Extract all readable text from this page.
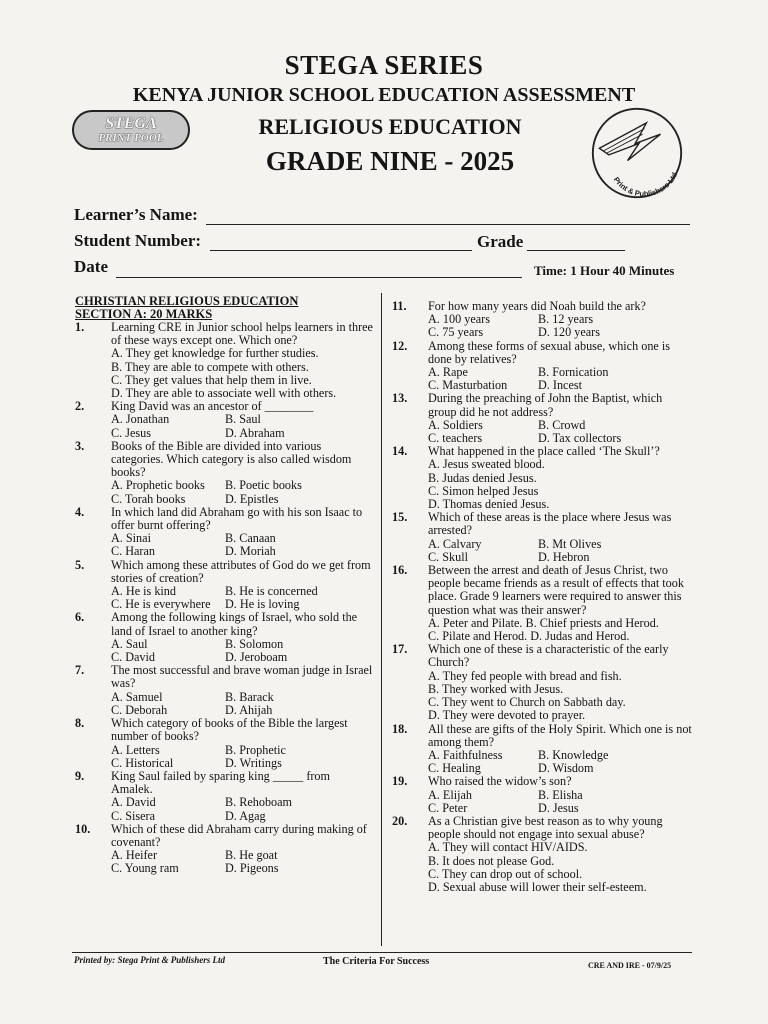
STEGA SERIES
KENYA JUNIOR SCHOOL EDUCATION ASSESSMENT
STEGA
PRINT POOL	RELIGIOUS EDUCATION
GRADE NINE - 2025
Print & Publishers Ltd
Learner’s Name:
Student Number:	Grade
Date	Time: 1 Hour 40 Minutes
CHRISTIAN RELIGIOUS EDUCATION
SECTION A: 20 MARKS
1. Learning CRE in Junior school helps learners in three of these ways except one. Which one?
A. They get knowledge for further studies.
B. They are able to compete with others.
C. They get values that help them in live.
D. They are able to associate well with others.
2. King David was an ancestor of ________
A. Jonathan	B. Saul
C. Jesus	D. Abraham
3. Books of the Bible are divided into various categories. Which category is also called wisdom books?
A. Prophetic books	B. Poetic books
C. Torah books	D. Epistles
4. In which land did Abraham go with his son Isaac to offer burnt offering?
A. Sinai	B. Canaan
C. Haran	D. Moriah
5. Which among these attributes of God do we get from stories of creation?
A. He is kind	B. He is concerned
C. He is everywhere	D. He is loving
6. Among the following kings of Israel, who sold the land of Israel to another king?
A. Saul	B. Solomon
C. David	D. Jeroboam
7. The most successful and brave woman judge in Israel was?
A. Samuel	B. Barack
C. Deborah	D. Ahijah
8. Which category of books of the Bible the largest number of books?
A. Letters	B. Prophetic
C. Historical	D. Writings
9. King Saul failed by sparing king _____ from Amalek.
A. David	B. Rehoboam
C. Sisera	D. Agag
10. Which of these did Abraham carry during making of covenant?
A. Heifer	B. He goat
C. Young ram	D. Pigeons
11. For how many years did Noah build the ark?
A. 100 years	B. 12 years
C. 75 years	D. 120 years
12. Among these forms of sexual abuse, which one is done by relatives?
A. Rape	B. Fornication
C. Masturbation	D. Incest
13. During the preaching of John the Baptist, which group did he not address?
A. Soldiers	B. Crowd
C. teachers	D. Tax collectors
14. What happened in the place called ‘The Skull’?
A. Jesus sweated blood.
B. Judas denied Jesus.
C. Simon helped Jesus
D. Thomas denied Jesus.
15. Which of these areas is the place where Jesus was arrested?
A. Calvary	B. Mt Olives
C. Skull	D. Hebron
16. Between the arrest and death of Jesus Christ, two people became friends as a result of effects that took place. Grade 9 learners were required to answer this question what was their answer?
A. Peter and Pilate. B. Chief priests and Herod.
C. Pilate and Herod. D. Judas and Herod.
17. Which one of these is a characteristic of the early Church?
A. They fed people with bread and fish.
B. They worked with Jesus.
C. They went to Church on Sabbath day.
D. They were devoted to prayer.
18. All these are gifts of the Holy Spirit. Which one is not among them?
A. Faithfulness	B. Knowledge
C. Healing	D. Wisdom
19. Who raised the widow’s son?
A. Elijah	B. Elisha
C. Peter	D. Jesus
20. As a Christian give best reason as to why young people should not engage into sexual abuse?
A. They will contact HIV/AIDS.
B. It does not please God.
C. They can drop out of school.
D. Sexual abuse will lower their self-esteem.
Printed by: Stega Print & Publishers Ltd	The Criteria For Success	CRE AND IRE - 07/9/25
